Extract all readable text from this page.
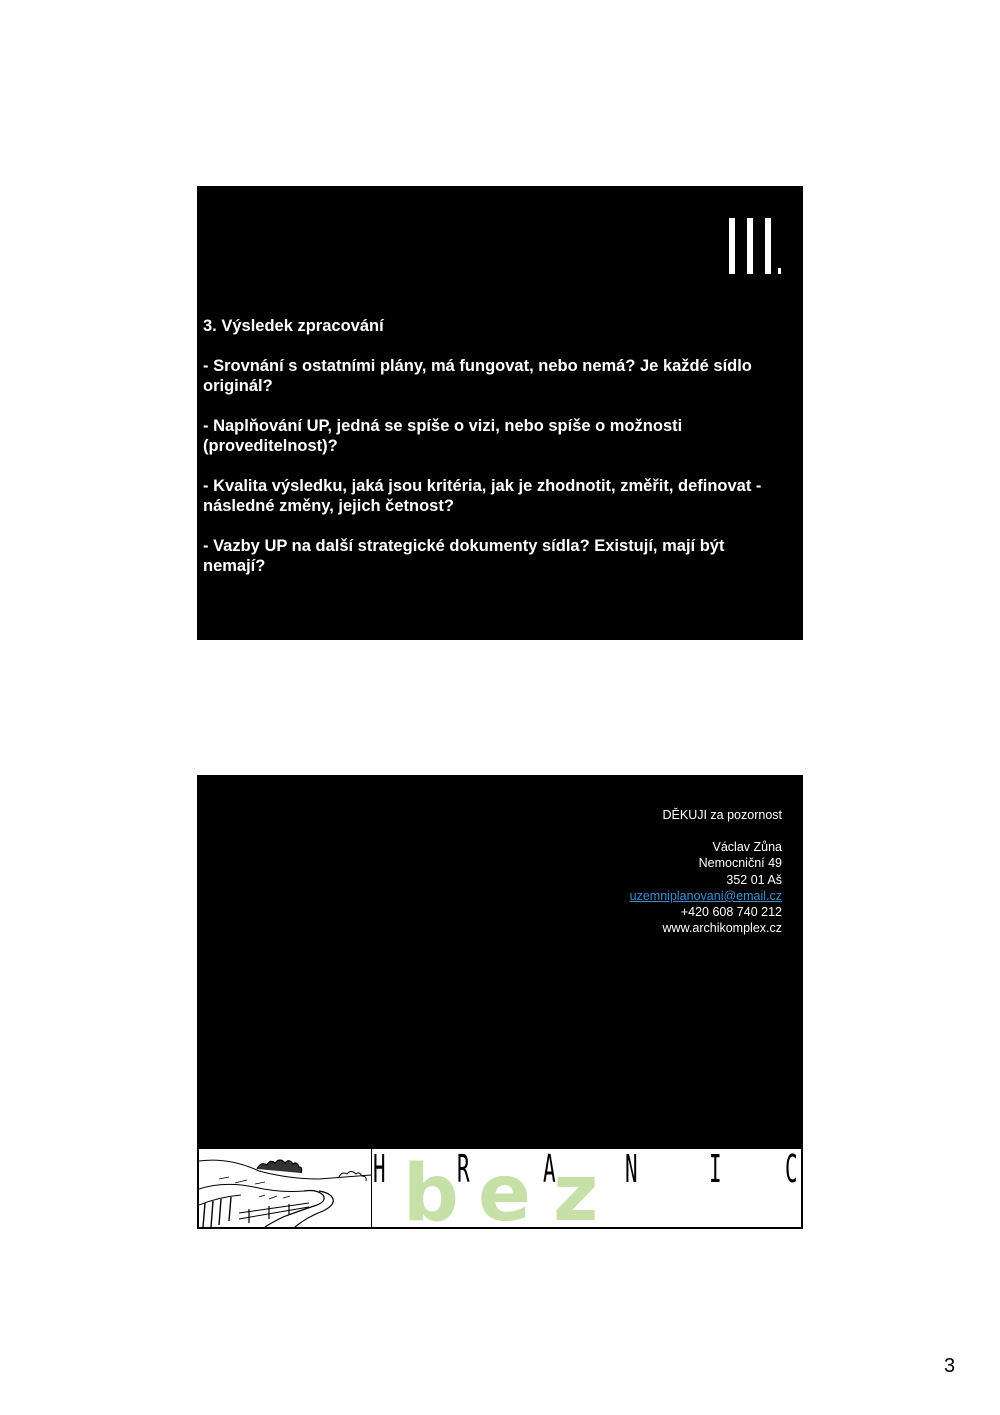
3. Výsledek zpracování

- Srovnání s ostatními plány, má fungovat, nebo nemá? Je každé sídlo originál?

- Naplňování UP, jedná se spíše o vizi, nebo spíše o možnosti (proveditelnost)?

- Kvalita výsledku, jaká jsou kritéria, jak je zhodnotit, změřit, definovat - následné změny, jejich četnost?

- Vazby UP na další strategické dokumenty sídla? Existují, mají být nemají?

DĚKUJI za pozornost
Václav Zůna
Nemocniční 49
352 01 Aš
uzemniplanovani@email.cz
+420 608 740 212
www.archikomplex.cz
b e z
H R A N I C
3
